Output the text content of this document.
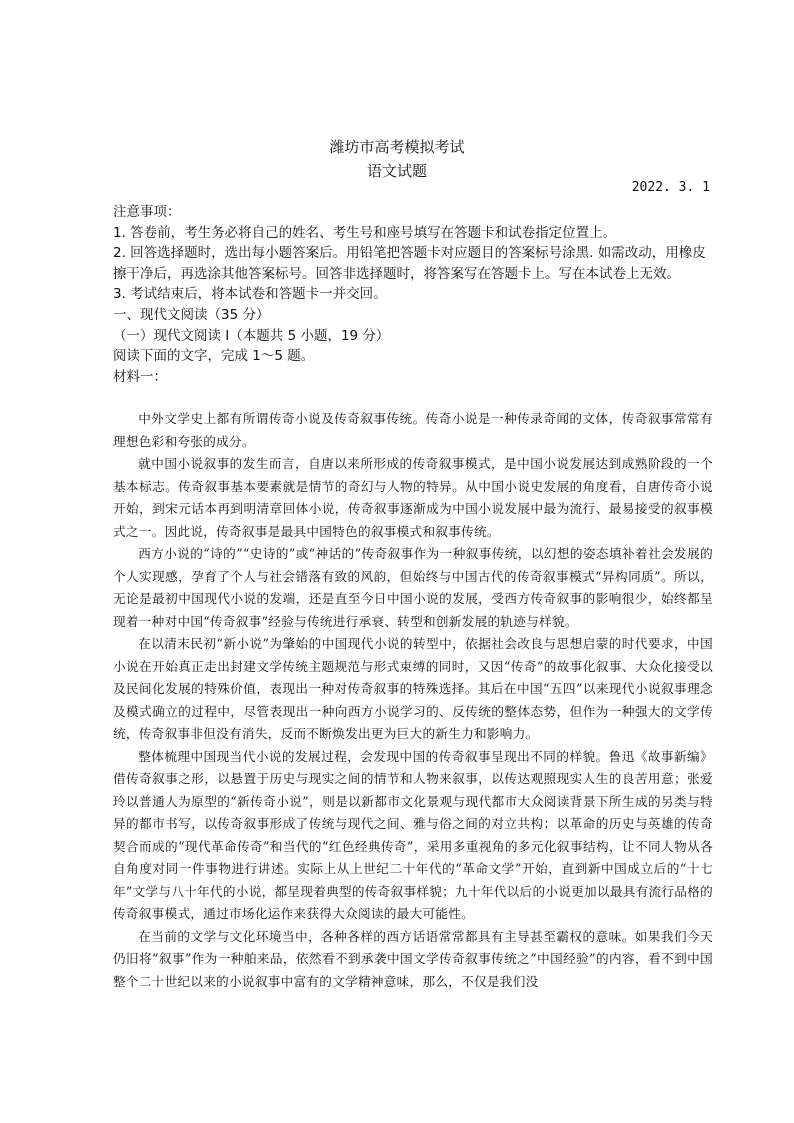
潍坊市高考模拟考试
语文试题
2022. 3. 1

注意事项：

1. 答卷前，考生务必将自己的姓名、考生号和座号填写在答题卡和试卷指定位置上。

2. 回答选择题时，选出每小题答案后。用铅笔把答题卡对应题目的答案标号涂黑. 如需改动，用橡皮擦干净后，再选涂其他答案标号。回答非选择题时，将答案写在答题卡上。写在本试卷上无效。

3. 考试结束后，将本试卷和答题卡一并交回。

一、现代文阅读（35 分）

（一）现代文阅读 I（本题共 5 小题，19 分）

阅读下面的文字，完成 1～5 题。

材料一：

中外文学史上都有所谓传奇小说及传奇叙事传统。传奇小说是一种传录奇闻的文体，传奇叙事常常有理想色彩和夸张的成分。

就中国小说叙事的发生而言，自唐以来所形成的传奇叙事模式，是中国小说发展达到成熟阶段的一个基本标志。传奇叙事基本要素就是情节的奇幻与人物的特异。从中国小说史发展的角度看，自唐传奇小说开始，到宋元话本再到明清章回体小说，传奇叙事逐渐成为中国小说发展中最为流行、最易接受的叙事模式之一。因此说，传奇叙事是最具中国特色的叙事模式和叙事传统。

西方小说的“诗的”“史诗的”或“神话的”传奇叙事作为一种叙事传统，以幻想的姿态填补着社会发展的个人实现感，孕育了个人与社会错落有致的风韵，但始终与中国古代的传奇叙事模式“异构同质”。所以，无论是最初中国现代小说的发端，还是直至今日中国小说的发展，受西方传奇叙事的影响很少，始终都呈现着一种对中国“传奇叙事”经验与传统进行承衰、转型和创新发展的轨迹与样貌。

在以清末民初“新小说”为肇始的中国现代小说的转型中，依据社会改良与思想启蒙的时代要求，中国小说在开始真正走出封建文学传统主题规范与形式束缚的同时，又因“传奇”的故事化叙事、大众化接受以及民间化发展的特殊价值，表现出一种对传奇叙事的特殊选择。其后在中国“五四”以来现代小说叙事理念及模式确立的过程中，尽管表现出一种向西方小说学习的、反传统的整体态势，但作为一种强大的文学传统，传奇叙事非但没有消失，反而不断焕发出更为巨大的新生力和影响力。

整体梳理中国现当代小说的发展过程，会发现中国的传奇叙事呈现出不同的样貌。鲁迅《故事新编》借传奇叙事之形，以悬置于历史与现实之间的情节和人物来叙事，以传达观照现实人生的良苦用意；张爱玲以普通人为原型的“新传奇小说”，则是以新都市文化景观与现代都市大众阅读背景下所生成的另类与特异的都市书写，以传奇叙事形成了传统与现代之间、雅与俗之间的对立共构；以革命的历史与英雄的传奇契合而成的“现代革命传奇”和当代的“红色经典传奇”，采用多重视角的多元化叙事结构，让不同人物从各自角度对同一件事物进行讲述。实际上从上世纪二十年代的“革命文学”开始，直到新中国成立后的“十七年”文学与八十年代的小说，都呈现着典型的传奇叙事样貌；九十年代以后的小说更加以最具有流行品格的传奇叙事模式，通过市场化运作来获得大众阅读的最大可能性。

在当前的文学与文化环境当中，各种各样的西方话语常常都具有主导甚至霸权的意味。如果我们今天仍旧将“叙事”作为一种舶来品，依然看不到承袭中国文学传奇叙事传统之“中国经验”的内容，看不到中国整个二十世纪以来的小说叙事中富有的文学精神意味，那么，不仅是我们没
